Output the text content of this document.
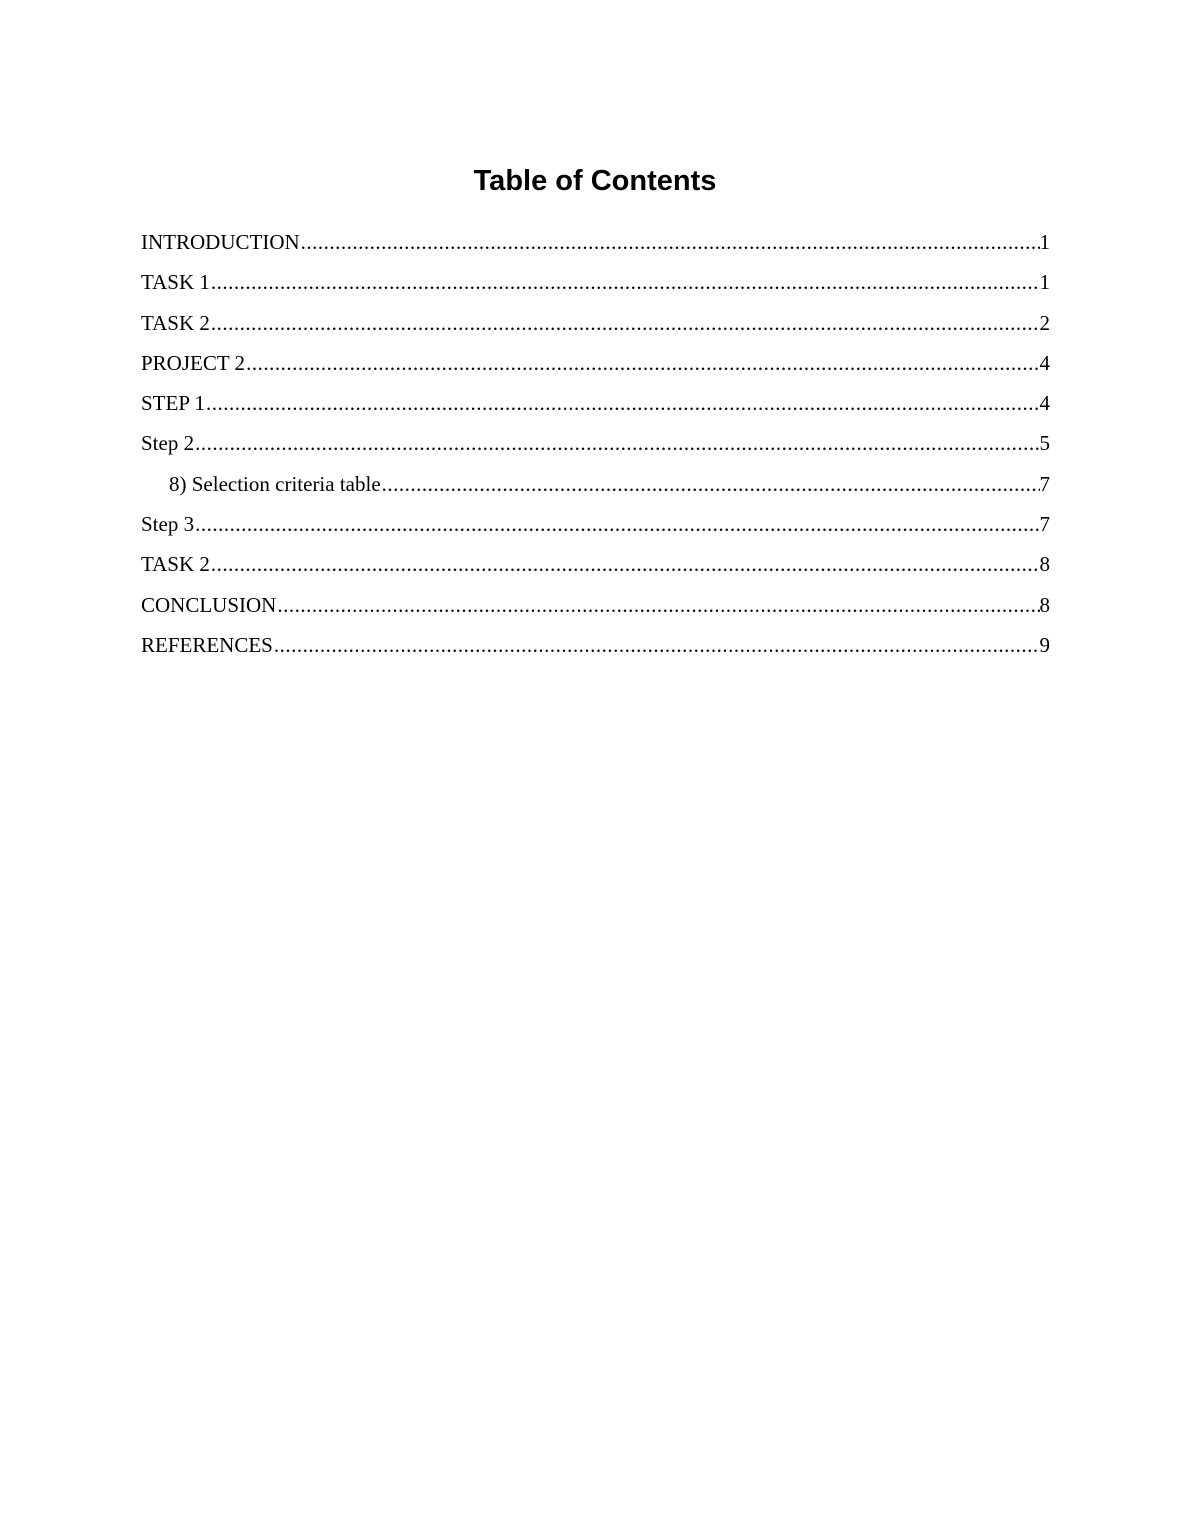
Table of Contents
INTRODUCTION .....	1
TASK 1 .....	1
TASK 2 .....	2
PROJECT 2 .....	4
STEP 1 .....	4
Step 2 .....	5
8) Selection criteria table .....	7
Step 3 .....	7
TASK 2 .....	8
CONCLUSION .....	8
REFERENCES .....	9
